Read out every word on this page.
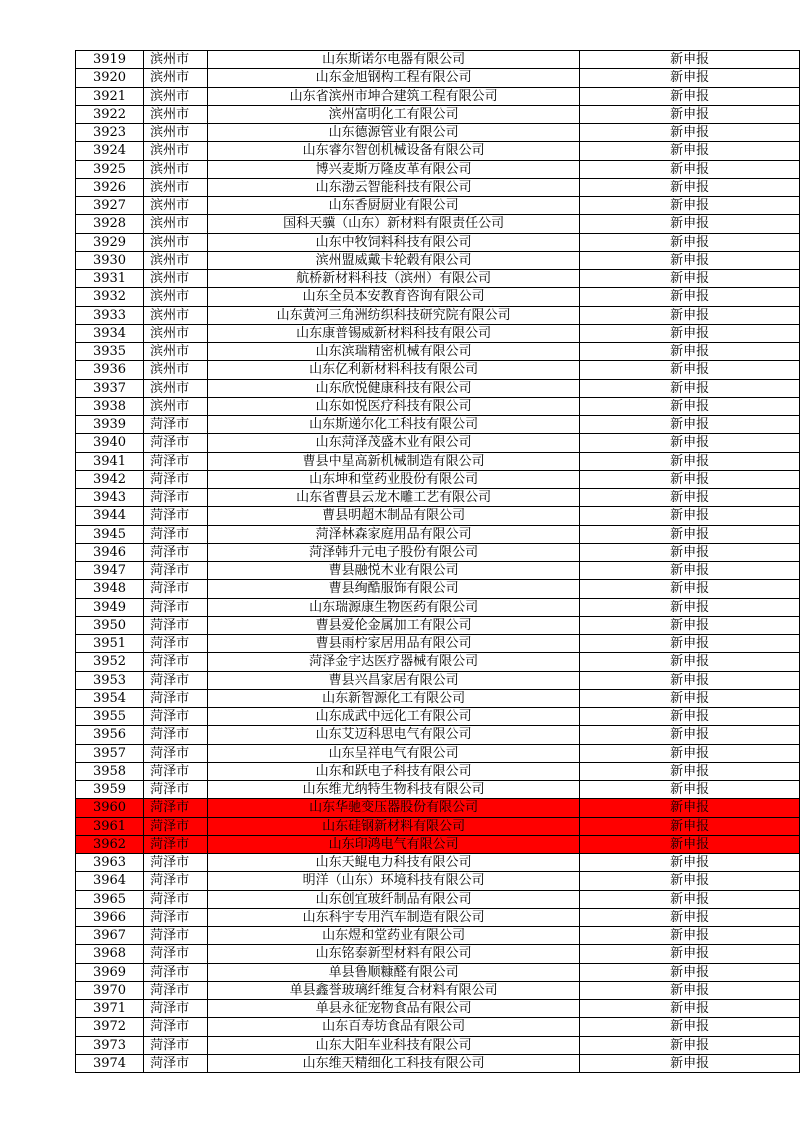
3919	滨州市	山东斯诺尔电器有限公司	新申报
3920	滨州市	山东金旭钢构工程有限公司	新申报
3921	滨州市	山东省滨州市坤合建筑工程有限公司	新申报
3922	滨州市	滨州富明化工有限公司	新申报
3923	滨州市	山东德源管业有限公司	新申报
3924	滨州市	山东睿尔智创机械设备有限公司	新申报
3925	滨州市	博兴麦斯万隆皮革有限公司	新申报
3926	滨州市	山东渤云智能科技有限公司	新申报
3927	滨州市	山东香厨厨业有限公司	新申报
3928	滨州市	国科天骥（山东）新材料有限责任公司	新申报
3929	滨州市	山东中牧饲料科技有限公司	新申报
3930	滨州市	滨州盟威戴卡轮毂有限公司	新申报
3931	滨州市	航桥新材料科技（滨州）有限公司	新申报
3932	滨州市	山东全员本安教育咨询有限公司	新申报
3933	滨州市	山东黄河三角洲纺织科技研究院有限公司	新申报
3934	滨州市	山东康普锡威新材料科技有限公司	新申报
3935	滨州市	山东滨瑞精密机械有限公司	新申报
3936	滨州市	山东亿利新材料科技有限公司	新申报
3937	滨州市	山东欣悦健康科技有限公司	新申报
3938	滨州市	山东如悦医疗科技有限公司	新申报
3939	菏泽市	山东斯递尔化工科技有限公司	新申报
3940	菏泽市	山东菏泽茂盛木业有限公司	新申报
3941	菏泽市	曹县中星高新机械制造有限公司	新申报
3942	菏泽市	山东坤和堂药业股份有限公司	新申报
3943	菏泽市	山东省曹县云龙木雕工艺有限公司	新申报
3944	菏泽市	曹县明超木制品有限公司	新申报
3945	菏泽市	菏泽林森家庭用品有限公司	新申报
3946	菏泽市	菏泽韩升元电子股份有限公司	新申报
3947	菏泽市	曹县融悦木业有限公司	新申报
3948	菏泽市	曹县绚酷服饰有限公司	新申报
3949	菏泽市	山东瑞源康生物医药有限公司	新申报
3950	菏泽市	曹县爱伦金属加工有限公司	新申报
3951	菏泽市	曹县雨柠家居用品有限公司	新申报
3952	菏泽市	菏泽金宇达医疗器械有限公司	新申报
3953	菏泽市	曹县兴昌家居有限公司	新申报
3954	菏泽市	山东新智源化工有限公司	新申报
3955	菏泽市	山东成武中远化工有限公司	新申报
3956	菏泽市	山东艾迈科思电气有限公司	新申报
3957	菏泽市	山东呈祥电气有限公司	新申报
3958	菏泽市	山东和跃电子科技有限公司	新申报
3959	菏泽市	山东维尤纳特生物科技有限公司	新申报
3960	菏泽市	山东华驰变压器股份有限公司	新申报
3961	菏泽市	山东硅钢新材料有限公司	新申报
3962	菏泽市	山东印鸿电气有限公司	新申报
3963	菏泽市	山东天鲲电力科技有限公司	新申报
3964	菏泽市	明洋（山东）环境科技有限公司	新申报
3965	菏泽市	山东创宜玻纤制品有限公司	新申报
3966	菏泽市	山东科宇专用汽车制造有限公司	新申报
3967	菏泽市	山东煜和堂药业有限公司	新申报
3968	菏泽市	山东铭泰新型材料有限公司	新申报
3969	菏泽市	单县鲁顺糠醛有限公司	新申报
3970	菏泽市	单县鑫誉玻璃纤维复合材料有限公司	新申报
3971	菏泽市	单县永征宠物食品有限公司	新申报
3972	菏泽市	山东百寿坊食品有限公司	新申报
3973	菏泽市	山东大阳车业科技有限公司	新申报
3974	菏泽市	山东维天精细化工科技有限公司	新申报
